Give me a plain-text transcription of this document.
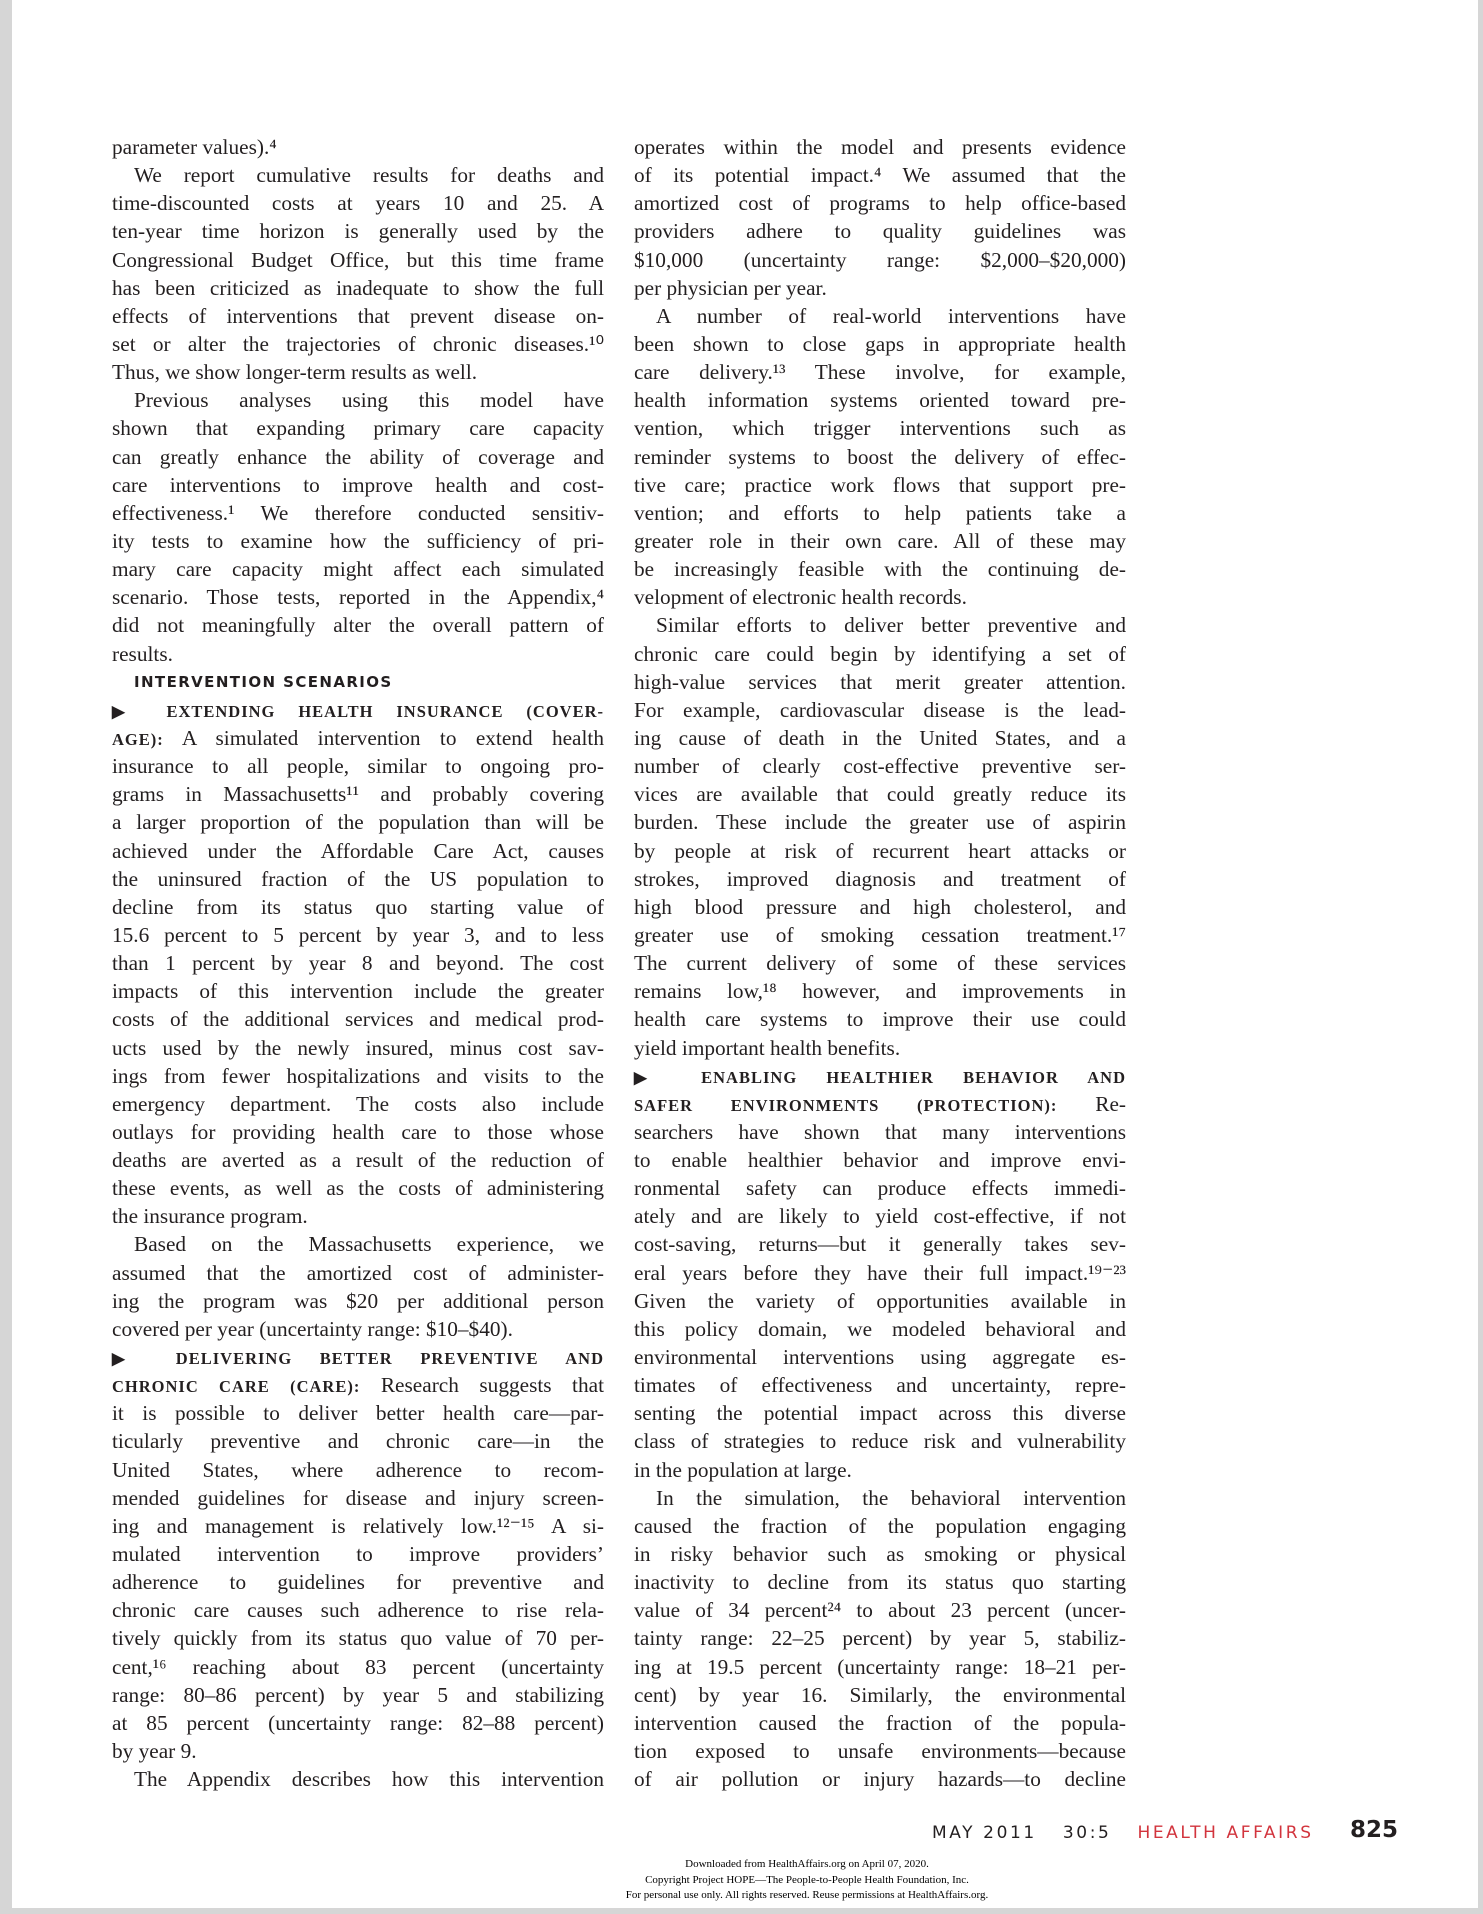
parameter values).⁴
We report cumulative results for deaths and
time-discounted costs at years 10 and 25. A
ten-year time horizon is generally used by the
Congressional Budget Office, but this time frame
has been criticized as inadequate to show the full
effects of interventions that prevent disease on-
set or alter the trajectories of chronic diseases.¹⁰
Thus, we show longer-term results as well.
Previous analyses using this model have
shown that expanding primary care capacity
can greatly enhance the ability of coverage and
care interventions to improve health and cost-
effectiveness.¹ We therefore conducted sensitiv-
ity tests to examine how the sufficiency of pri-
mary care capacity might affect each simulated
scenario. Those tests, reported in the Appendix,⁴
did not meaningfully alter the overall pattern of
results.
INTERVENTION SCENARIOS
▶ EXTENDING HEALTH INSURANCE (COVER-
AGE): A simulated intervention to extend health
insurance to all people, similar to ongoing pro-
grams in Massachusetts¹¹ and probably covering
a larger proportion of the population than will be
achieved under the Affordable Care Act, causes
the uninsured fraction of the US population to
decline from its status quo starting value of
15.6 percent to 5 percent by year 3, and to less
than 1 percent by year 8 and beyond. The cost
impacts of this intervention include the greater
costs of the additional services and medical prod-
ucts used by the newly insured, minus cost sav-
ings from fewer hospitalizations and visits to the
emergency department. The costs also include
outlays for providing health care to those whose
deaths are averted as a result of the reduction of
these events, as well as the costs of administering
the insurance program.
Based on the Massachusetts experience, we
assumed that the amortized cost of administer-
ing the program was $20 per additional person
covered per year (uncertainty range: $10–$40).
▶ DELIVERING BETTER PREVENTIVE AND
CHRONIC CARE (CARE): Research suggests that
it is possible to deliver better health care—par-
ticularly preventive and chronic care—in the
United States, where adherence to recom-
mended guidelines for disease and injury screen-
ing and management is relatively low.¹²⁻¹⁵ A si-
mulated intervention to improve providers’
adherence to guidelines for preventive and
chronic care causes such adherence to rise rela-
tively quickly from its status quo value of 70 per-
cent,¹⁶ reaching about 83 percent (uncertainty
range: 80–86 percent) by year 5 and stabilizing
at 85 percent (uncertainty range: 82–88 percent)
by year 9.
The Appendix describes how this intervention
operates within the model and presents evidence
of its potential impact.⁴ We assumed that the
amortized cost of programs to help office-based
providers adhere to quality guidelines was
$10,000 (uncertainty range: $2,000–$20,000)
per physician per year.
A number of real-world interventions have
been shown to close gaps in appropriate health
care delivery.¹³ These involve, for example,
health information systems oriented toward pre-
vention, which trigger interventions such as
reminder systems to boost the delivery of effec-
tive care; practice work flows that support pre-
vention; and efforts to help patients take a
greater role in their own care. All of these may
be increasingly feasible with the continuing de-
velopment of electronic health records.
Similar efforts to deliver better preventive and
chronic care could begin by identifying a set of
high-value services that merit greater attention.
For example, cardiovascular disease is the lead-
ing cause of death in the United States, and a
number of clearly cost-effective preventive ser-
vices are available that could greatly reduce its
burden. These include the greater use of aspirin
by people at risk of recurrent heart attacks or
strokes, improved diagnosis and treatment of
high blood pressure and high cholesterol, and
greater use of smoking cessation treatment.¹⁷
The current delivery of some of these services
remains low,¹⁸ however, and improvements in
health care systems to improve their use could
yield important health benefits.
▶ ENABLING HEALTHIER BEHAVIOR AND
SAFER ENVIRONMENTS (PROTECTION): Re-
searchers have shown that many interventions
to enable healthier behavior and improve envi-
ronmental safety can produce effects immedi-
ately and are likely to yield cost-effective, if not
cost-saving, returns—but it generally takes sev-
eral years before they have their full impact.¹⁹⁻²³
Given the variety of opportunities available in
this policy domain, we modeled behavioral and
environmental interventions using aggregate es-
timates of effectiveness and uncertainty, repre-
senting the potential impact across this diverse
class of strategies to reduce risk and vulnerability
in the population at large.
In the simulation, the behavioral intervention
caused the fraction of the population engaging
in risky behavior such as smoking or physical
inactivity to decline from its status quo starting
value of 34 percent²⁴ to about 23 percent (uncer-
tainty range: 22–25 percent) by year 5, stabiliz-
ing at 19.5 percent (uncertainty range: 18–21 per-
cent) by year 16. Similarly, the environmental
intervention caused the fraction of the popula-
tion exposed to unsafe environments—because
of air pollution or injury hazards—to decline
MAY 2011 30:5 HEALTH AFFAIRS	825
Downloaded from HealthAffairs.org on April 07, 2020.
Copyright Project HOPE—The People-to-People Health Foundation, Inc.
For personal use only. All rights reserved. Reuse permissions at HealthAffairs.org.
